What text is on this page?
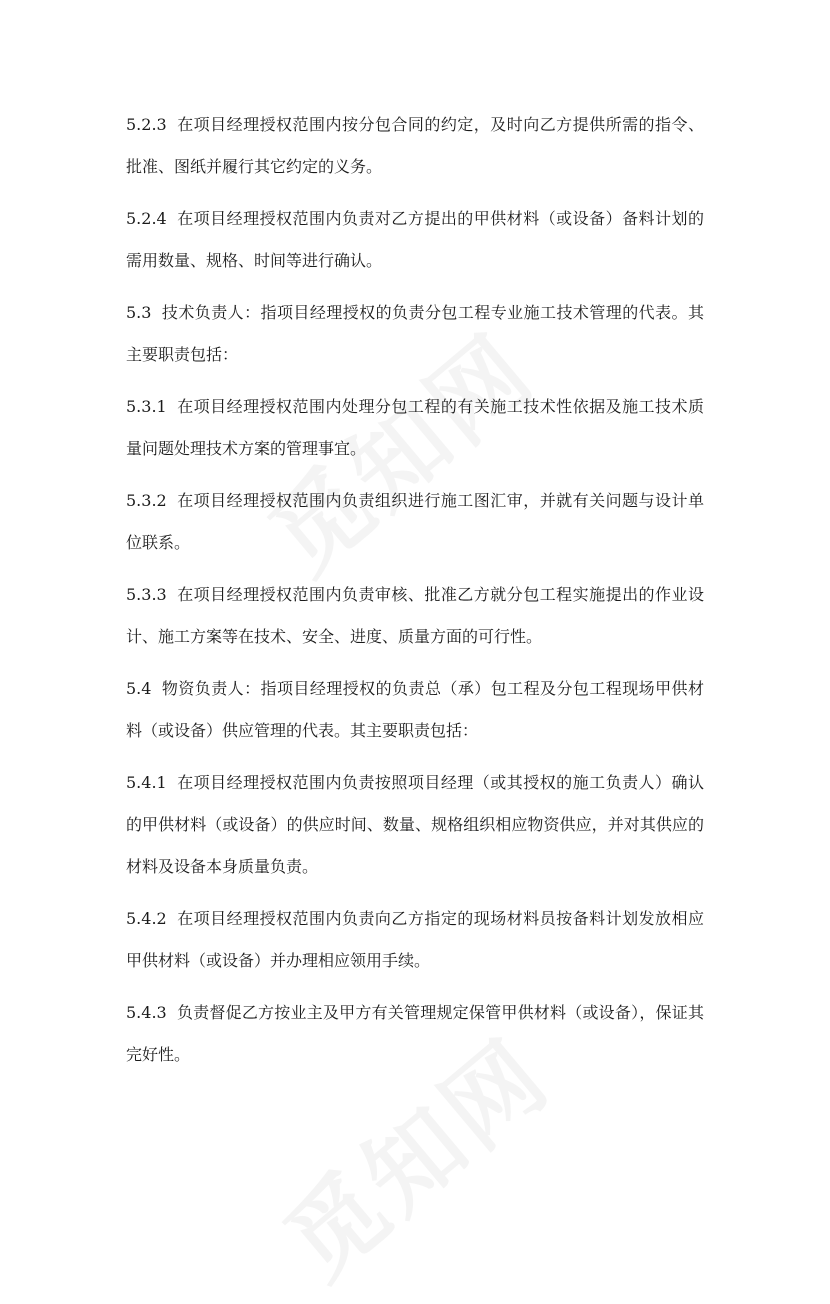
5.2.3 在项目经理授权范围内按分包合同的约定，及时向乙方提供所需的指令、批准、图纸并履行其它约定的义务。

5.2.4 在项目经理授权范围内负责对乙方提出的甲供材料（或设备）备料计划的需用数量、规格、时间等进行确认。

5.3 技术负责人：指项目经理授权的负责分包工程专业施工技术管理的代表。其主要职责包括：

5.3.1 在项目经理授权范围内处理分包工程的有关施工技术性依据及施工技术质量问题处理技术方案的管理事宜。

5.3.2 在项目经理授权范围内负责组织进行施工图汇审，并就有关问题与设计单位联系。

5.3.3 在项目经理授权范围内负责审核、批准乙方就分包工程实施提出的作业设计、施工方案等在技术、安全、进度、质量方面的可行性。

5.4 物资负责人：指项目经理授权的负责总（承）包工程及分包工程现场甲供材料（或设备）供应管理的代表。其主要职责包括：

5.4.1 在项目经理授权范围内负责按照项目经理（或其授权的施工负责人）确认的甲供材料（或设备）的供应时间、数量、规格组织相应物资供应，并对其供应的材料及设备本身质量负责。

5.4.2 在项目经理授权范围内负责向乙方指定的现场材料员按备料计划发放相应甲供材料（或设备）并办理相应领用手续。

5.4.3 负责督促乙方按业主及甲方有关管理规定保管甲供材料（或设备），保证其完好性。
